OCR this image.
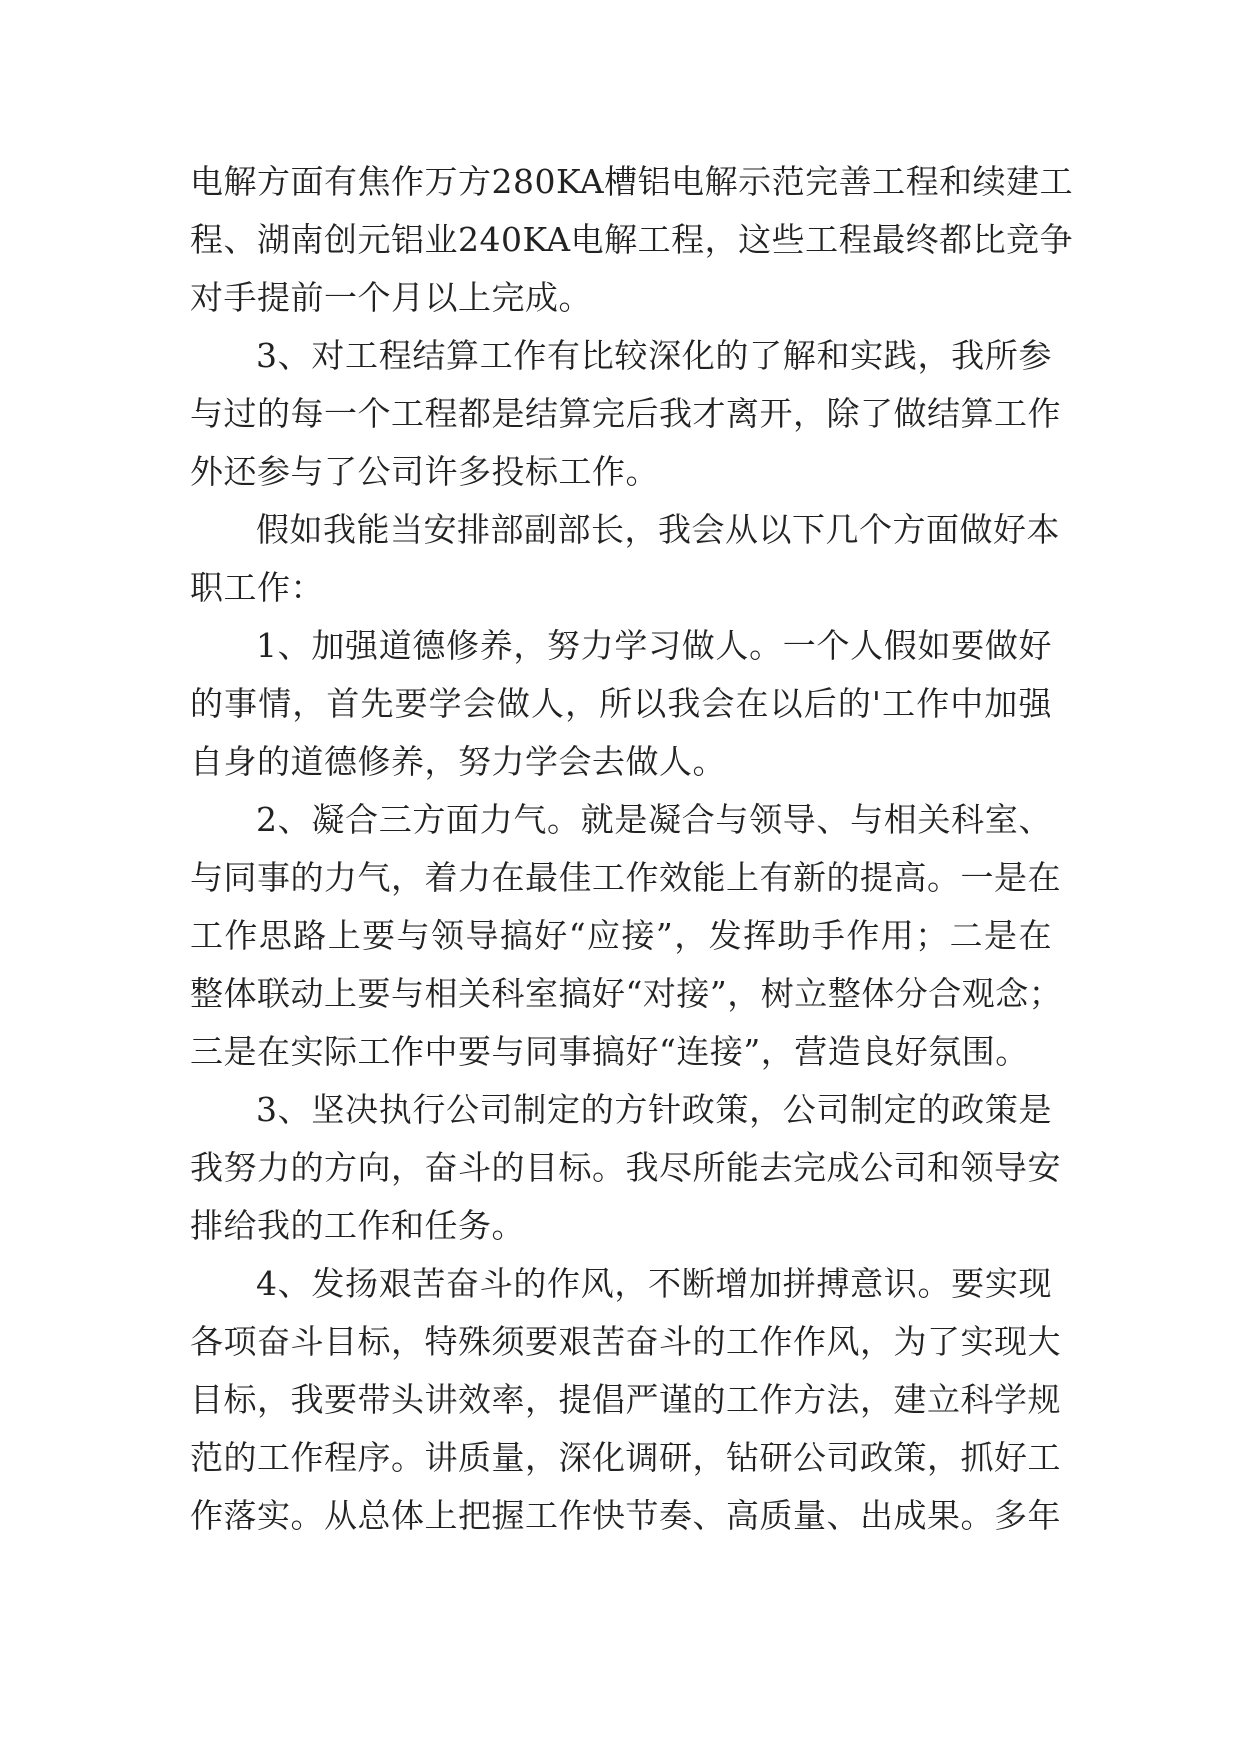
电解方面有焦作万方280KA槽铝电解示范完善工程和续建工
程、湖南创元铝业240KA电解工程，这些工程最终都比竞争
对手提前一个月以上完成。
3、对工程结算工作有比较深化的了解和实践，我所参
与过的每一个工程都是结算完后我才离开，除了做结算工作
外还参与了公司许多投标工作。
假如我能当安排部副部长，我会从以下几个方面做好本
职工作：
1、加强道德修养，努力学习做人。一个人假如要做好
的事情，首先要学会做人，所以我会在以后的'工作中加强
自身的道德修养，努力学会去做人。
2、凝合三方面力气。就是凝合与领导、与相关科室、
与同事的力气，着力在最佳工作效能上有新的提高。一是在
工作思路上要与领导搞好“应接”，发挥助手作用；二是在
整体联动上要与相关科室搞好“对接”，树立整体分合观念；
三是在实际工作中要与同事搞好“连接”，营造良好氛围。
3、坚决执行公司制定的方针政策，公司制定的政策是
我努力的方向，奋斗的目标。我尽所能去完成公司和领导安
排给我的工作和任务。
4、发扬艰苦奋斗的作风，不断增加拼搏意识。要实现
各项奋斗目标，特殊须要艰苦奋斗的工作作风，为了实现大
目标，我要带头讲效率，提倡严谨的工作方法，建立科学规
范的工作程序。讲质量，深化调研，钻研公司政策，抓好工
作落实。从总体上把握工作快节奏、高质量、出成果。多年
